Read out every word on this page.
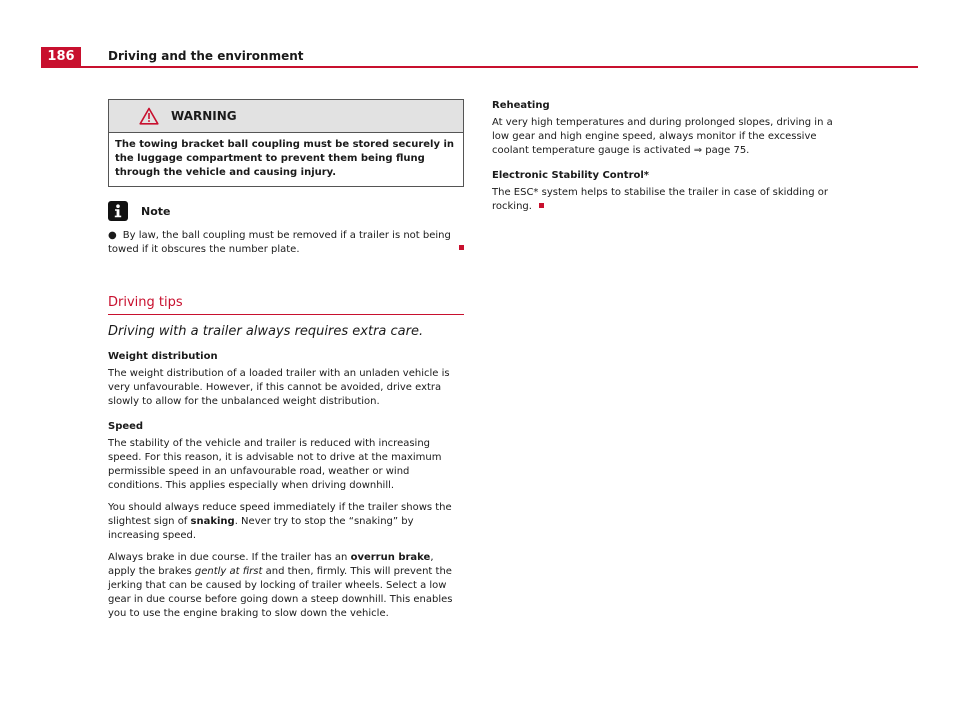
186	Driving and the environment
WARNING
The towing bracket ball coupling must be stored securely in the luggage compartment to prevent them being flung through the vehicle and causing injury.
Note
● By law, the ball coupling must be removed if a trailer is not being towed if it obscures the number plate.
Driving tips
Driving with a trailer always requires extra care.
Weight distribution
The weight distribution of a loaded trailer with an unladen vehicle is very unfavourable. However, if this cannot be avoided, drive extra slowly to allow for the unbalanced weight distribution.
Speed
The stability of the vehicle and trailer is reduced with increasing speed. For this reason, it is advisable not to drive at the maximum permissible speed in an unfavourable road, weather or wind conditions. This applies especially when driving downhill.
You should always reduce speed immediately if the trailer shows the slightest sign of snaking. Never try to stop the “snaking” by increasing speed.
Always brake in due course. If the trailer has an overrun brake, apply the brakes gently at first and then, firmly. This will prevent the jerking that can be caused by locking of trailer wheels. Select a low gear in due course before going down a steep downhill. This enables you to use the engine braking to slow down the vehicle.
Reheating
At very high temperatures and during prolonged slopes, driving in a low gear and high engine speed, always monitor if the excessive coolant temperature gauge is activated ⇒ page 75.
Electronic Stability Control*
The ESC* system helps to stabilise the trailer in case of skidding or rocking.
